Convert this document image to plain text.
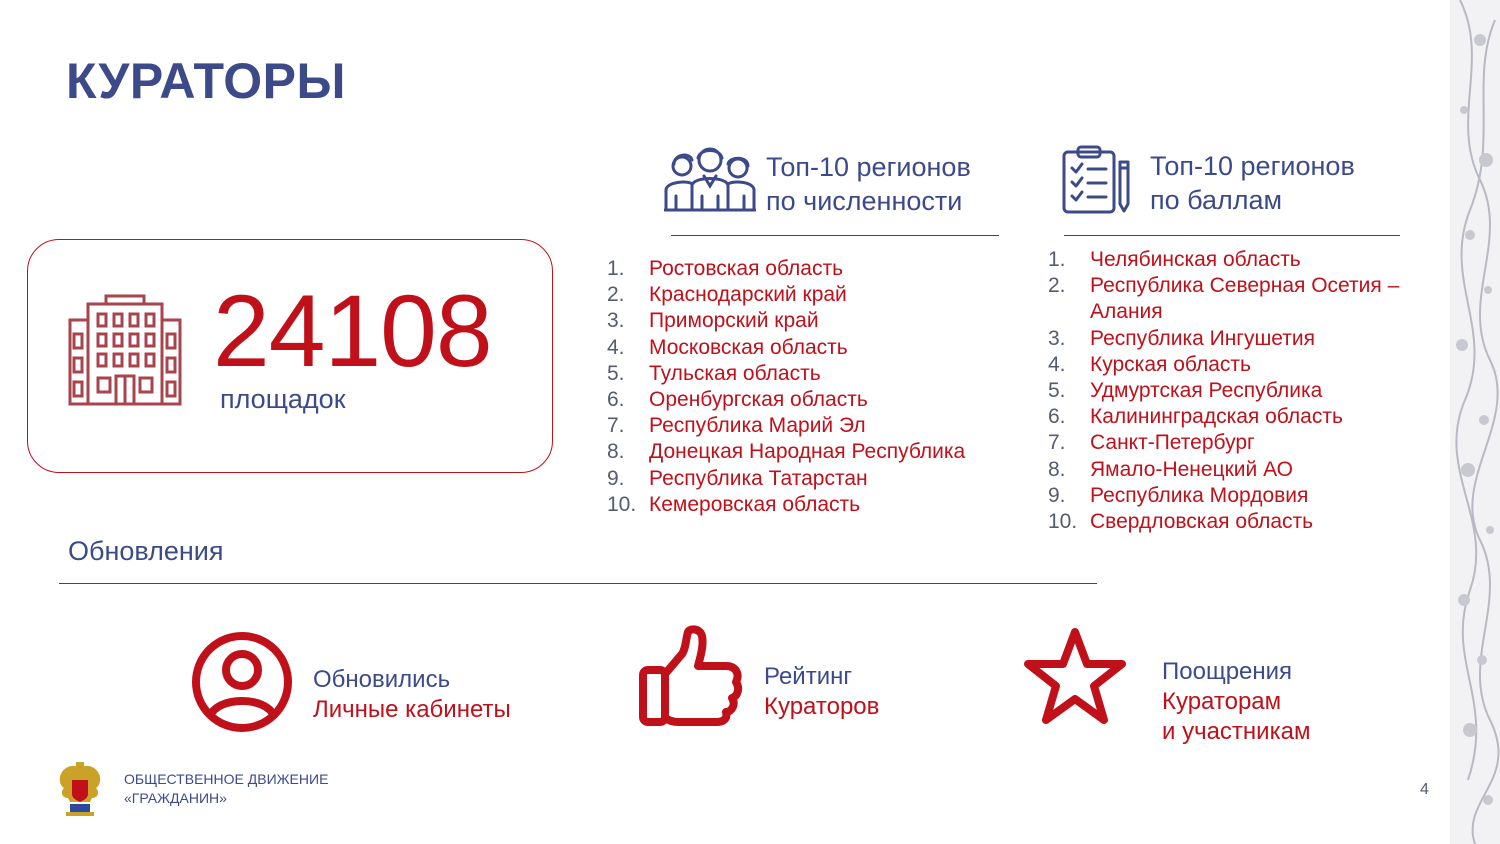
КУРАТОРЫ
24108
площадок
Топ-10 регионов
по численности
1. Ростовская область
2. Краснодарский край
3. Приморский край
4. Московская область
5. Тульская область
6. Оренбургская область
7. Республика Марий Эл
8. Донецкая Народная Республика
9. Республика Татарстан
10. Кемеровская область
Топ-10 регионов
по баллам
1. Челябинская область
2. Республика Северная Осетия – Алания
3. Республика Ингушетия
4. Курская область
5. Удмуртская Республика
6. Калининградская область
7. Санкт-Петербург
8. Ямало-Ненецкий АО
9. Республика Мордовия
10. Свердловская область
Обновления
Обновились
Личные кабинеты
Рейтинг
Кураторов
Поощрения
Кураторам
и участникам
ОБЩЕСТВЕННОЕ ДВИЖЕНИЕ
«ГРАЖДАНИН»	4
